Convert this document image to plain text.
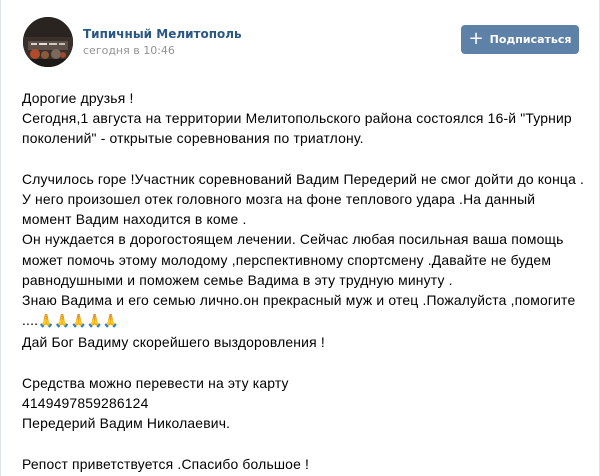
Типичный Мелитополь
сегодня в 10:46
+ Подписаться
Дорогие друзья !
Сегодня,1 августа на территории Мелитопольского района состоялся 16-й "Турнир
поколений" - открытые соревнования по триатлону.
Случилось горе !Участник соревнований Вадим Передерий не смог дойти до конца .
У него произошел отек головного мозга на фоне теплового удара .На данный
момент Вадим находится в коме .
Он нуждается в дорогостоящем лечении. Сейчас любая посильная ваша помощь
может помочь этому молодому ,перспективному спортсмену .Давайте не будем
равнодушными и поможем семье Вадима в эту трудную минуту .
Знаю Вадима и его семью лично.он прекрасный муж и отец .Пожалуйста ,помогите
....🙏🙏🙏🙏🙏
Дай Бог Вадиму скорейшего выздоровления !
Средства можно перевести на эту карту
4149497859286124
Передерий Вадим Николаевич.
Репост приветствуется .Спасибо большое !
